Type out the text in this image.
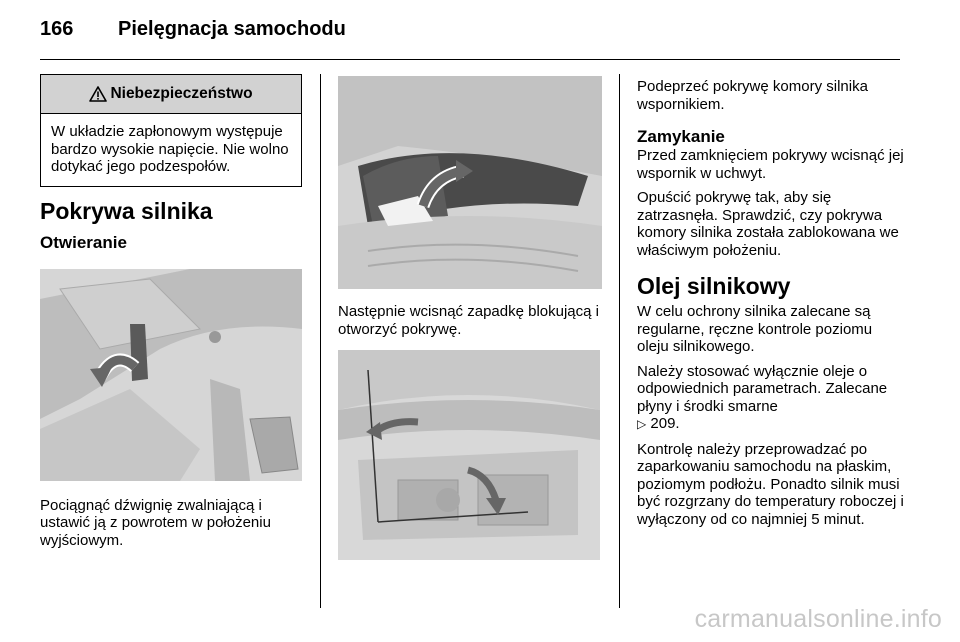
166	Pielęgnacja samochodu
Niebezpieczeństwo
W układzie zapłonowym występuje bardzo wysokie napięcie. Nie wolno dotykać jego podzespołów.
Pokrywa silnika
Otwieranie

Pociągnąć dźwignię zwalniającą i ustawić ją z powrotem w położeniu wyjściowym.

Następnie wcisnąć zapadkę blokującą i otworzyć pokrywę.

Podeprzeć pokrywę komory silnika wspornikiem.

Zamykanie

Przed zamknięciem pokrywy wcisnąć jej wspornik w uchwyt.

Opuścić pokrywę tak, aby się zatrzasnęła. Sprawdzić, czy pokrywa komory silnika została zablokowana we właściwym położeniu.

Olej silnikowy

W celu ochrony silnika zalecane są regularne, ręczne kontrole poziomu oleju silnikowego.

Należy stosować wyłącznie oleje o odpowiednich parametrach. Zalecane płyny i środki smarne
▷ 209.

Kontrolę należy przeprowadzać po zaparkowaniu samochodu na płaskim, poziomym podłożu. Ponadto silnik musi być rozgrzany do temperatury roboczej i wyłączony od co najmniej 5 minut.

carmanualsonline.info
